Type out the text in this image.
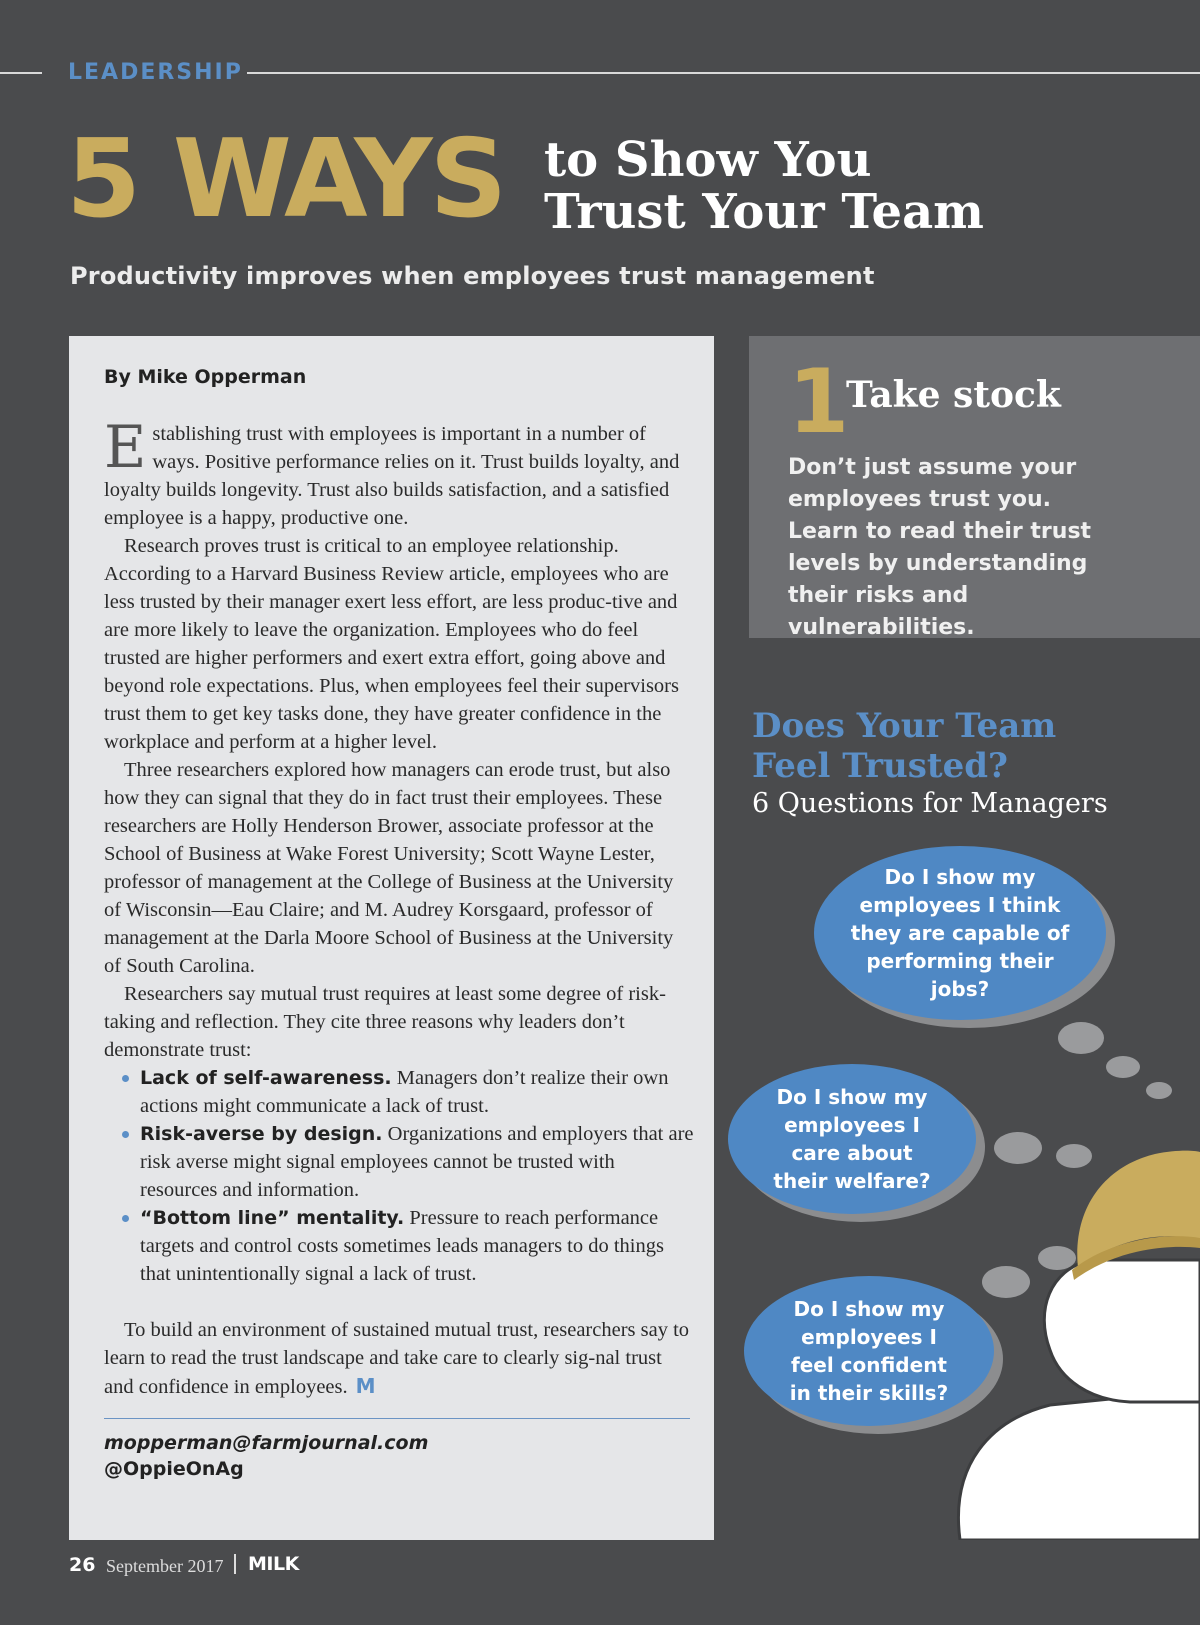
LEADERSHIP
5 WAYS to Show You
Trust Your Team
Productivity improves when employees trust management
By Mike Opperman

Establishing trust with employees is important in a number of ways. Positive performance relies on it. Trust builds loyalty, and loyalty builds longevity. Trust also builds satisfaction, and a satisfied employee is a happy, productive one.

Research proves trust is critical to an employee relationship. According to a Harvard Business Review article, employees who are less trusted by their manager exert less effort, are less produc-tive and are more likely to leave the organization. Employees who do feel trusted are higher performers and exert extra effort, going above and beyond role expectations. Plus, when employees feel their supervisors trust them to get key tasks done, they have greater confidence in the workplace and perform at a higher level.

Three researchers explored how managers can erode trust, but also how they can signal that they do in fact trust their employees. These researchers are Holly Henderson Brower, associate professor at the School of Business at Wake Forest University; Scott Wayne Lester, professor of management at the College of Business at the University of Wisconsin—Eau Claire; and M. Audrey Korsgaard, professor of management at the Darla Moore School of Business at the University of South Carolina.

Researchers say mutual trust requires at least some degree of risk-taking and reflection. They cite three reasons why leaders don’t demonstrate trust:

Lack of self-awareness. Managers don’t realize their own actions might communicate a lack of trust.
Risk-averse by design. Organizations and employers that are risk averse might signal employees cannot be trusted with resources and information.
“Bottom line” mentality. Pressure to reach performance targets and control costs sometimes leads managers to do things that unintentionally signal a lack of trust.

To build an environment of sustained mutual trust, researchers say to learn to read the trust landscape and take care to clearly sig-nal trust and confidence in employees. M

mopperman@farmjournal.com
@OppieOnAg
1
Take stock
Don’t just assume your employees trust you. Learn to read their trust levels by understanding their risks and vulnerabilities.
Does Your Team
Feel Trusted?
6 Questions for Managers
Do I show my employees I think they are capable of performing their jobs?
Do I show my employees I care about their welfare?
Do I show my employees I feel confident in their skills?
26 September 2017 MILK
